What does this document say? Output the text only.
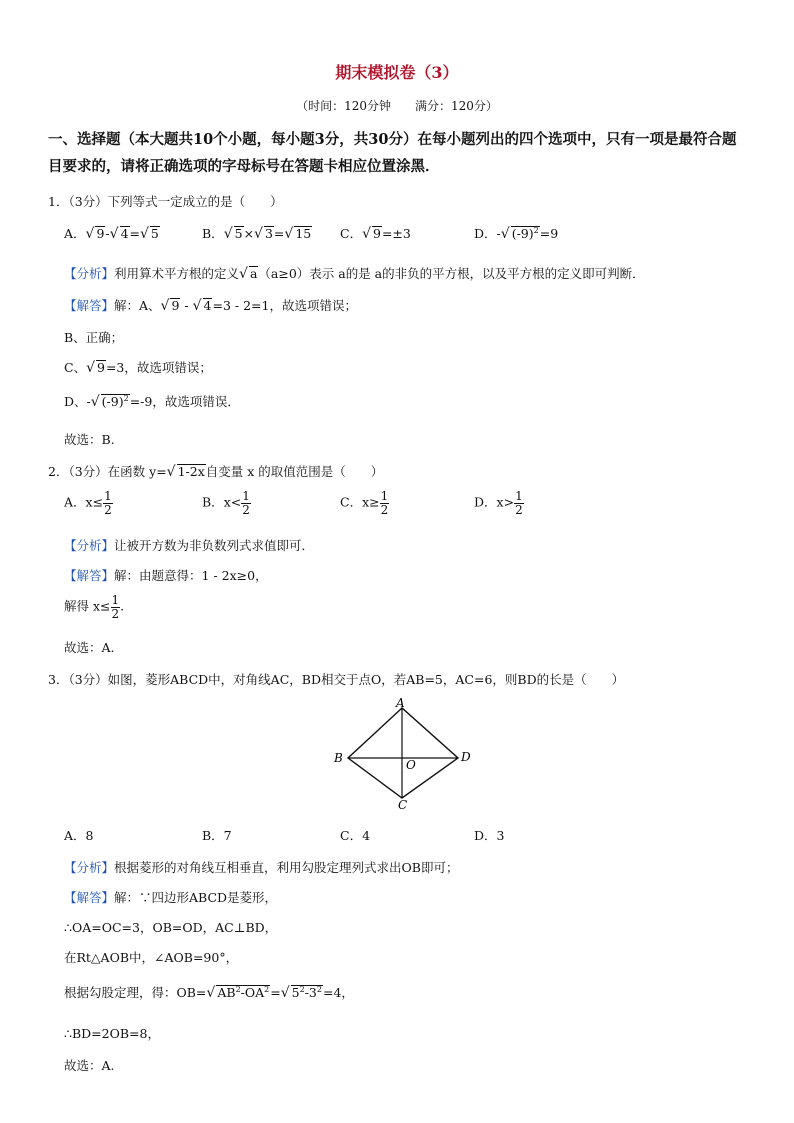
期末模拟卷（3）
（时间：120分钟　　满分：120分）
一、选择题（本大题共10个小题，每小题3分，共30分）在每小题列出的四个选项中，只有一项是最符合题目要求的，请将正确选项的字母标号在答题卡相应位置涂黑．
1．（3分）下列等式一定成立的是（　　）
A．√ 9-√ 4=√ 5	B．√ 5×√ 3=√ 15 C．√ 9=±3	D．-√ $(-9)^2=9$
【分析】利用算术平方根的定义√ a（a≥0）表示 a的是 a的非负的平方根，以及平方根的定义即可判断．
【解答】解：A、√ 9 - √ 4=3 - 2=1，故选项错误；
B、正确；
C、√ 9=3，故选项错误；
D、-√ $(-9)^2=-9$，故选项错误．
故选：B.
2．（3分）在函数 y=√ 1-2x自变量 x 的取值范围是（　　）
A．$x\le \frac{1}{2}$	B．$x< \frac{1}{2}$	C．$x\ge \frac{1}{2}$	D．$x> \frac{1}{2}$
【分析】让被开方数为非负数列式求值即可．
【解答】解：由题意得：1 - 2x≥0，
解得 $x\le \frac{1}{2}$ .
故选：A.
3．（3分）如图，菱形ABCD中，对角线AC，BD相交于点O，若AB=5，AC=6，则BD的长是（　　）
A
B
C
D
O
A．8	B．7	C．4	D．3
【分析】根据菱形的对角线互相垂直，利用勾股定理列式求出OB即可；
【解答】解：∵四边形ABCD是菱形，
∴OA=OC=3，OB=OD，AC⊥BD，
在Rt△AOB中，∠AOB=90°，
根据勾股定理，得：OB=√ $AB^2-OA^2=√$ $5^2-3^2=4$，
∴BD=2OB=8，
故选：A.
